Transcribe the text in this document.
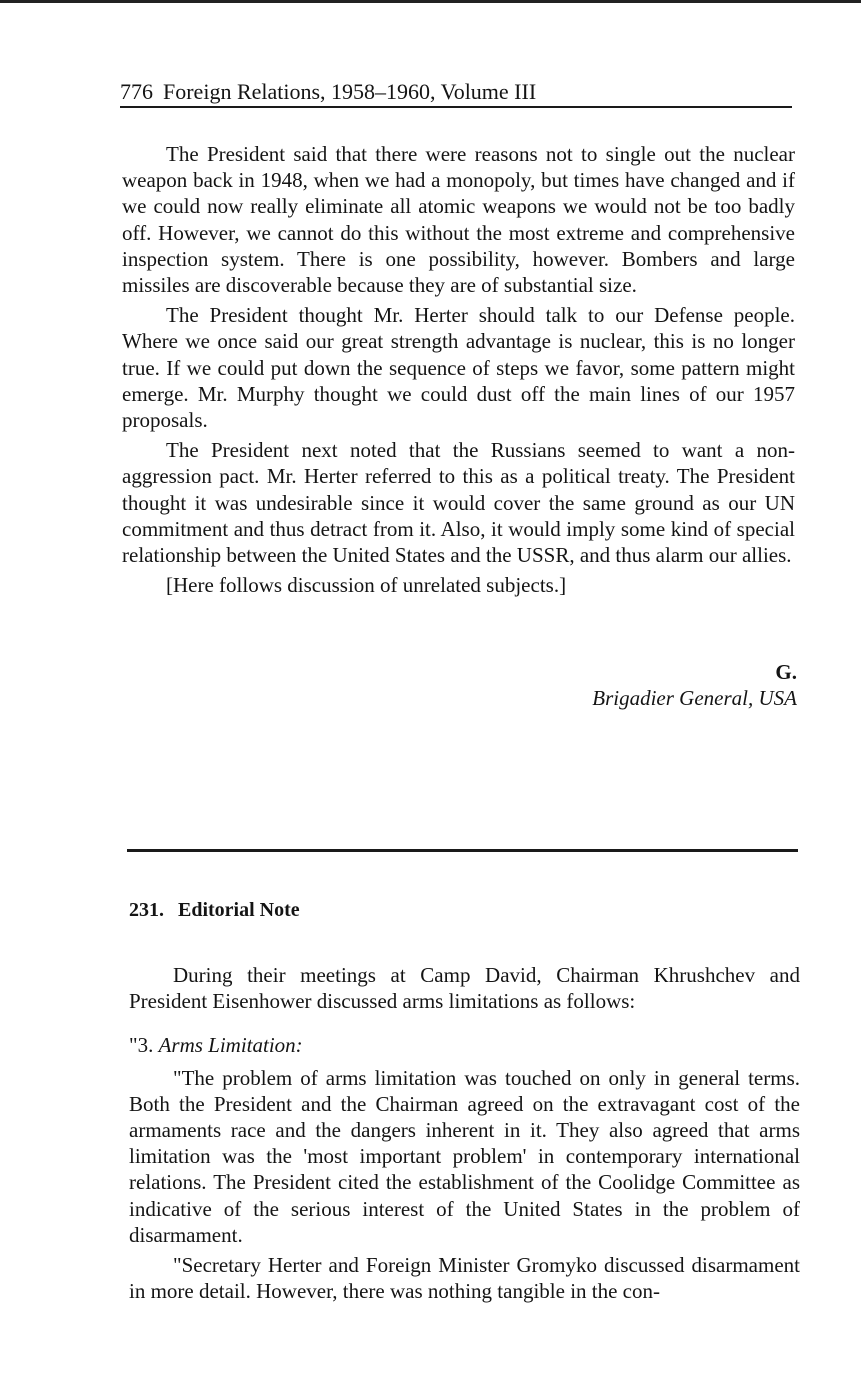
776 Foreign Relations, 1958–1960, Volume III

The President said that there were reasons not to single out the nuclear weapon back in 1948, when we had a monopoly, but times have changed and if we could now really eliminate all atomic weapons we would not be too badly off. However, we cannot do this without the most extreme and comprehensive inspection system. There is one possibility, however. Bombers and large missiles are discoverable because they are of substantial size.

The President thought Mr. Herter should talk to our Defense people. Where we once said our great strength advantage is nuclear, this is no longer true. If we could put down the sequence of steps we favor, some pattern might emerge. Mr. Murphy thought we could dust off the main lines of our 1957 proposals.

The President next noted that the Russians seemed to want a non-aggression pact. Mr. Herter referred to this as a political treaty. The President thought it was undesirable since it would cover the same ground as our UN commitment and thus detract from it. Also, it would imply some kind of special relationship between the United States and the USSR, and thus alarm our allies.

[Here follows discussion of unrelated subjects.]

G.
Brigadier General, USA
231. Editorial Note

During their meetings at Camp David, Chairman Khrushchev and President Eisenhower discussed arms limitations as follows:

"3. Arms Limitation:

"The problem of arms limitation was touched on only in general terms. Both the President and the Chairman agreed on the extravagant cost of the armaments race and the dangers inherent in it. They also agreed that arms limitation was the 'most important problem' in contemporary international relations. The President cited the establishment of the Coolidge Committee as indicative of the serious interest of the United States in the problem of disarmament.

"Secretary Herter and Foreign Minister Gromyko discussed disarmament in more detail. However, there was nothing tangible in the con-
